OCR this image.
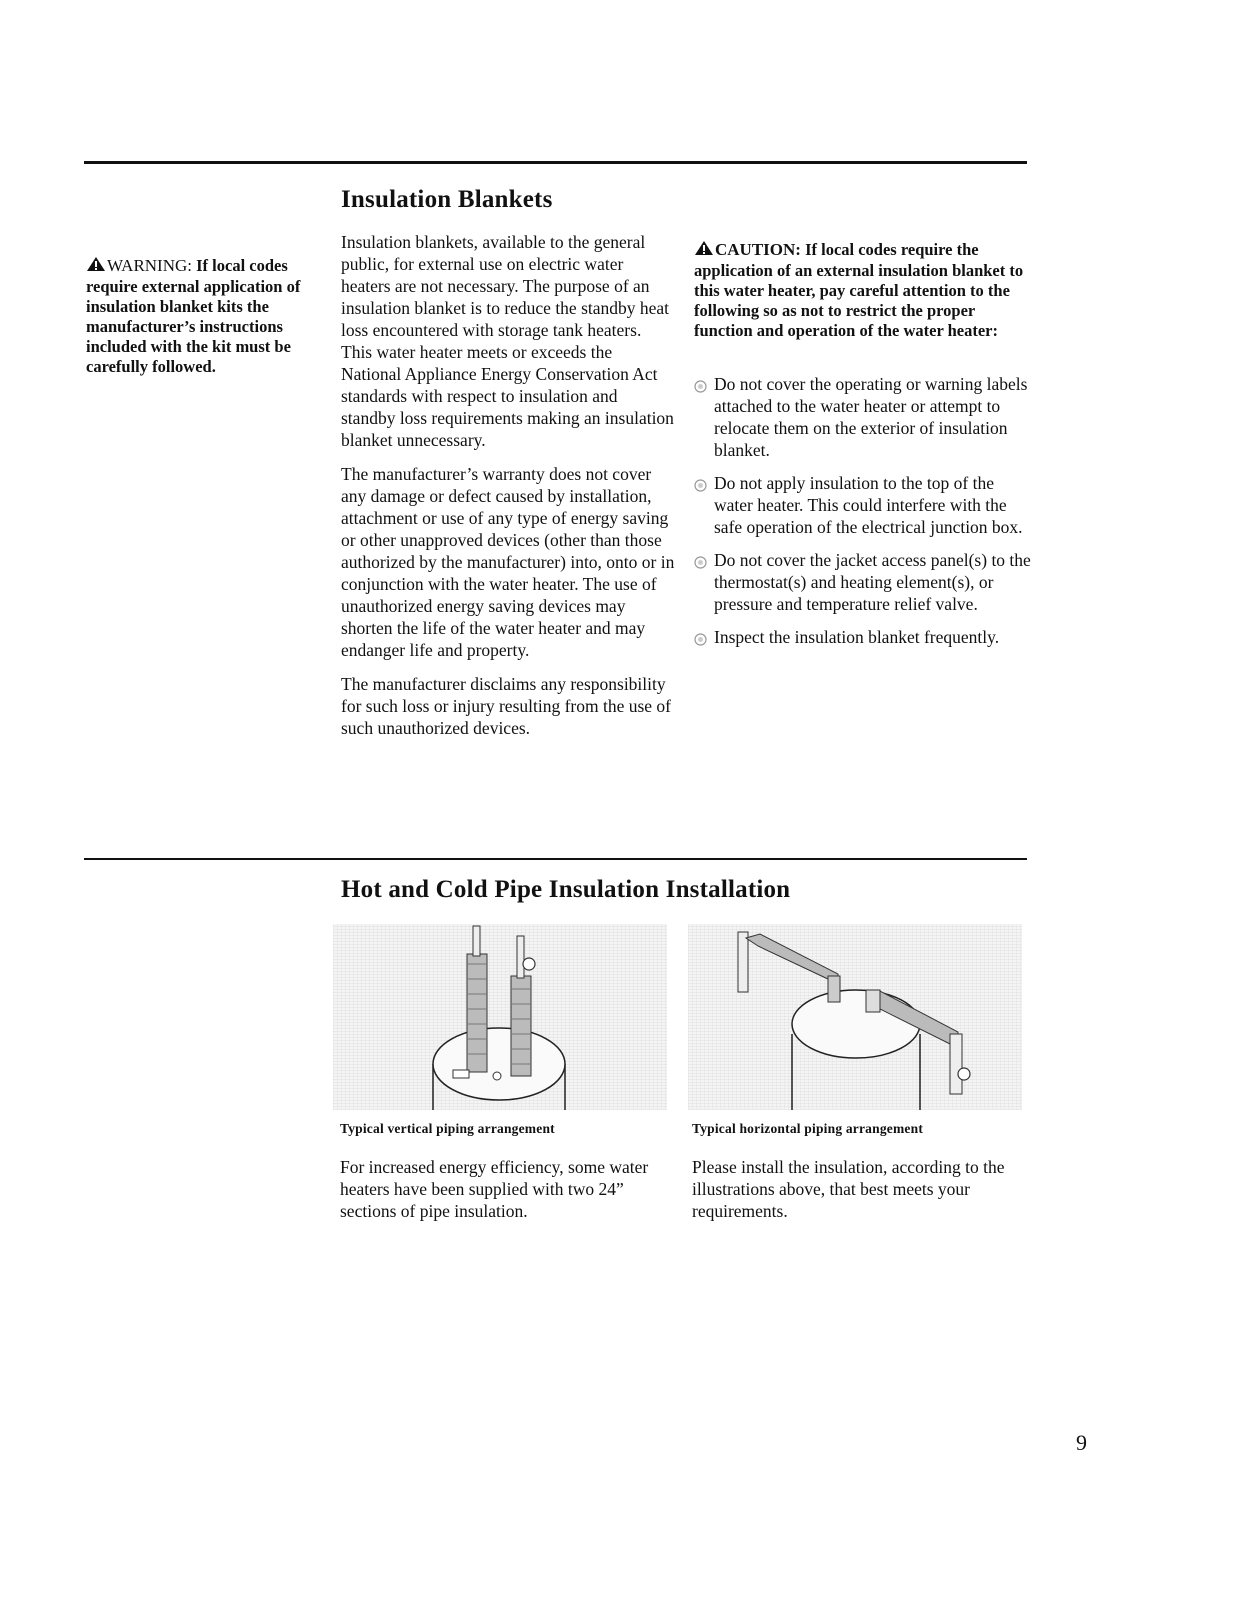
Insulation Blankets
WARNING: If local codes require external application of insulation blanket kits the manufacturer’s instructions included with the kit must be carefully followed.

Insulation blankets, available to the general public, for external use on electric water heaters are not necessary. The purpose of an insulation blanket is to reduce the standby heat loss encountered with storage tank heaters. This water heater meets or exceeds the National Appliance Energy Conservation Act standards with respect to insulation and standby loss requirements making an insulation blanket unnecessary.

The manufacturer’s warranty does not cover any damage or defect caused by installation, attachment or use of any type of energy saving or other unapproved devices (other than those authorized by the manufacturer) into, onto or in conjunction with the water heater. The use of unauthorized energy saving devices may shorten the life of the water heater and may endanger life and property.

The manufacturer disclaims any responsibility for such loss or injury resulting from the use of such unauthorized devices.

CAUTION: If local codes require the application of an external insulation blanket to this water heater, pay careful attention to the following so as not to restrict the proper function and operation of the water heater:
Do not cover the operating or warning labels attached to the water heater or attempt to relocate them on the exterior of insulation blanket.
Do not apply insulation to the top of the water heater. This could interfere with the safe operation of the electrical junction box.
Do not cover the jacket access panel(s) to the thermostat(s) and heating element(s), or pressure and temperature relief valve.
Inspect the insulation blanket frequently.
Hot and Cold Pipe Insulation Installation

Typical vertical piping arrangement	Typical horizontal piping arrangement

For increased energy efficiency, some water heaters have been supplied with two 24” sections of pipe insulation.

Please install the insulation, according to the illustrations above, that best meets your requirements.

9
